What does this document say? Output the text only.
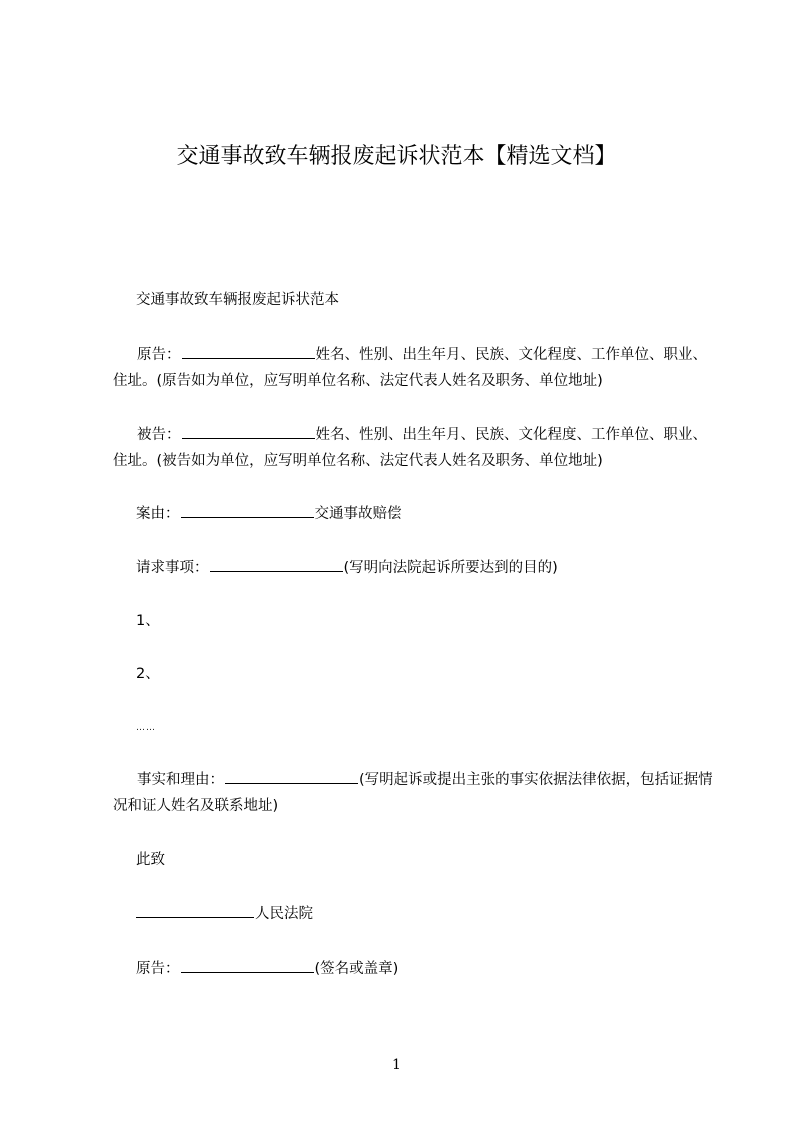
交通事故致车辆报废起诉状范本【精选文档】
交通事故致车辆报废起诉状范本

原告：	姓名、性别、出生年月、民族、文化程度、工作单位、职业、住址。(原告如为单位，应写明单位名称、法定代表人姓名及职务、单位地址)

被告：	姓名、性别、出生年月、民族、文化程度、工作单位、职业、住址。(被告如为单位，应写明单位名称、法定代表人姓名及职务、单位地址)

案由：	交通事故赔偿
请求事项：	(写明向法院起诉所要达到的目的)
1、
2、
……

事实和理由：	(写明起诉或提出主张的事实依据法律依据，包括证据情况和证人姓名及联系地址)

此致
人民法院
原告：	(签名或盖章)
1
